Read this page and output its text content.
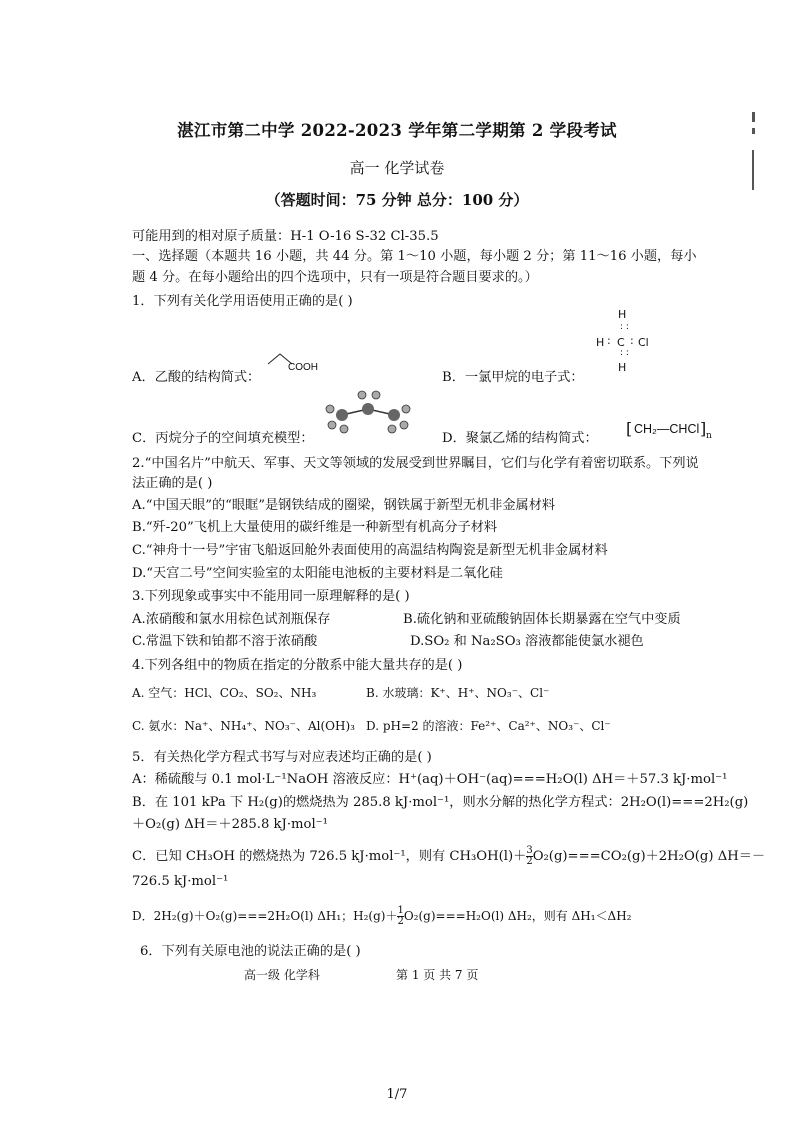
湛江市第二中学 2022-2023 学年第二学期第 2 学段考试
高一 化学试卷
（答题时间：75 分钟 总分：100 分）
可能用到的相对原子质量：H-1 O-16 S-32 Cl-35.5
一、选择题（本题共 16 小题，共 44 分。第 1～10 小题，每小题 2 分；第 11～16 小题，每小
题 4 分。在每小题给出的四个选项中，只有一项是符合题目要求的。）
1．下列有关化学用语使用正确的是( )
H
: :
H : C : Cl
: :
H
A．乙酸的结构简式：
COOH
B．一氯甲烷的电子式：
C．丙烷分子的空间填充模型：	D．聚氯乙烯的结构简式：
[ CH₂—CHCl ] n
2.“中国名片”中航天、军事、天文等领域的发展受到世界瞩目，它们与化学有着密切联系。下列说
法正确的是( )
A.“中国天眼”的“眼眶”是钢铁结成的圈梁，钢铁属于新型无机非金属材料
B.“歼-20”飞机上大量使用的碳纤维是一种新型有机高分子材料
C.“神舟十一号”宇宙飞船返回舱外表面使用的高温结构陶瓷是新型无机非金属材料
D.“天宫二号”空间实验室的太阳能电池板的主要材料是二氧化硅
3.下列现象或事实中不能用同一原理解释的是( )
A.浓硝酸和氯水用棕色试剂瓶保存	B.硫化钠和亚硫酸钠固体长期暴露在空气中变质
C.常温下铁和铂都不溶于浓硝酸	D.SO₂ 和 Na₂SO₃ 溶液都能使氯水褪色
4.下列各组中的物质在指定的分散系中能大量共存的是( )
A. 空气：HCl、CO₂、SO₂、NH₃	B. 水玻璃：K⁺、H⁺、NO₃⁻、Cl⁻
C. 氨水：Na⁺、NH₄⁺、NO₃⁻、Al(OH)₃ D. pH=2 的溶液：Fe²⁺、Ca²⁺、NO₃⁻、Cl⁻
5．有关热化学方程式书写与对应表述均正确的是( )
A：稀硫酸与 0.1 mol·L⁻¹NaOH 溶液反应：H⁺(aq)＋OH⁻(aq)===H₂O(l) ΔH＝＋57.3 kJ·mol⁻¹
B．在 101 kPa 下 H₂(g)的燃烧热为 285.8 kJ·mol⁻¹，则水分解的热化学方程式：2H₂O(l)===2H₂(g)
＋O₂(g) ΔH＝＋285.8 kJ·mol⁻¹
C．已知 CH₃OH 的燃烧热为 726.5 kJ·mol⁻¹，则有 $CH_3OH(l)+ \frac{3}{2} O_2(g)===CO_2(g)+2H_2O(g)$ ΔH＝－
726.5 kJ·mol⁻¹
D．2H₂(g)＋O₂(g)===2H₂O(l) ΔH₁；$H_2(g)+ \frac{1}{2} O_2(g)===H_2O(l)$ ΔH₂，则有 ΔH₁＜ΔH₂
6．下列有关原电池的说法正确的是( )
高一级 化学科	第 1 页 共 7 页
1/7
